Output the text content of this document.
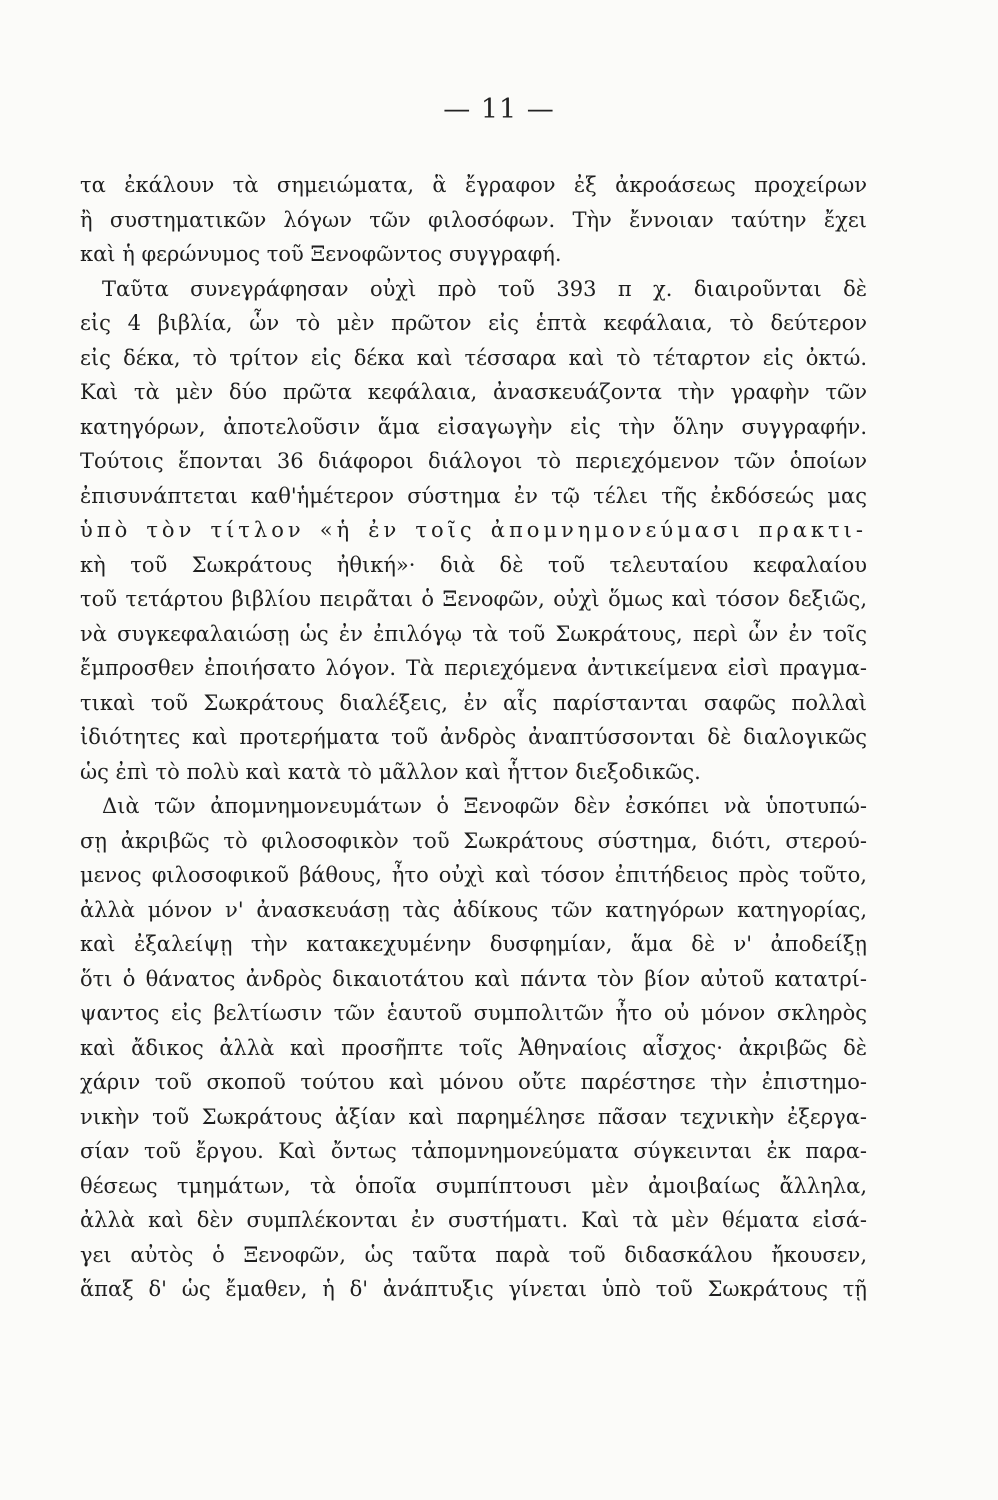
— 11 —
τα ἐκάλουν τὰ σημειώματα, ἃ ἔγραφον ἐξ ἀκροάσεως προχείρων
ἢ συστηματικῶν λόγων τῶν φιλοσόφων. Τὴν ἔννοιαν ταύτην ἔχει
καὶ ἡ φερώνυμος τοῦ Ξενοφῶντος συγγραφή.
Ταῦτα συνεγράφησαν οὐχὶ πρὸ τοῦ 393 π χ. διαιροῦνται δὲ
εἰς 4 βιβλία, ὧν τὸ μὲν πρῶτον εἰς ἑπτὰ κεφάλαια, τὸ δεύτερον
εἰς δέκα, τὸ τρίτον εἰς δέκα καὶ τέσσαρα καὶ τὸ τέταρτον εἰς ὀκτώ.
Καὶ τὰ μὲν δύο πρῶτα κεφάλαια, ἀνασκευάζοντα τὴν γραφὴν τῶν
κατηγόρων, ἀποτελοῦσιν ἅμα εἰσαγωγὴν εἰς τὴν ὅλην συγγραφήν.
Τούτοις ἕπονται 36 διάφοροι διάλογοι τὸ περιεχόμενον τῶν ὁποίων
ἐπισυνάπτεται καθ'ἡμέτερον σύστημα ἐν τῷ τέλει τῆς ἐκδόσεώς μας
ὑπὸ τὸν τίτλον «ἡ ἐν τοῖς ἀπομνημονεύμασι πρακτι-
κὴ τοῦ Σωκράτους ἠθική»· διὰ δὲ τοῦ τελευταίου κεφαλαίου
τοῦ τετάρτου βιβλίου πειρᾶται ὁ Ξενοφῶν, οὐχὶ ὅμως καὶ τόσον δεξιῶς,
νὰ συγκεφαλαιώσῃ ὡς ἐν ἐπιλόγῳ τὰ τοῦ Σωκράτους, περὶ ὧν ἐν τοῖς
ἔμπροσθεν ἐποιήσατο λόγον. Τὰ περιεχόμενα ἀντικείμενα εἰσὶ πραγμα-
τικαὶ τοῦ Σωκράτους διαλέξεις, ἐν αἷς παρίστανται σαφῶς πολλαὶ
ἰδιότητες καὶ προτερήματα τοῦ ἀνδρὸς ἀναπτύσσονται δὲ διαλογικῶς
ὡς ἐπὶ τὸ πολὺ καὶ κατὰ τὸ μᾶλλον καὶ ἧττον διεξοδικῶς.
Διὰ τῶν ἀπομνημονευμάτων ὁ Ξενοφῶν δὲν ἐσκόπει νὰ ὑποτυπώ-
σῃ ἀκριβῶς τὸ φιλοσοφικὸν τοῦ Σωκράτους σύστημα, διότι, στερού-
μενος φιλοσοφικοῦ βάθους, ἦτο οὐχὶ καὶ τόσον ἐπιτήδειος πρὸς τοῦτο,
ἀλλὰ μόνον ν' ἀνασκευάσῃ τὰς ἀδίκους τῶν κατηγόρων κατηγορίας,
καὶ ἐξαλείψῃ τὴν κατακεχυμένην δυσφημίαν, ἅμα δὲ ν' ἀποδείξῃ
ὅτι ὁ θάνατος ἀνδρὸς δικαιοτάτου καὶ πάντα τὸν βίον αὐτοῦ κατατρί-
ψαντος εἰς βελτίωσιν τῶν ἑαυτοῦ συμπολιτῶν ἦτο οὐ μόνον σκληρὸς
καὶ ἄδικος ἀλλὰ καὶ προσῆπτε τοῖς Ἀθηναίοις αἶσχος· ἀκριβῶς δὲ
χάριν τοῦ σκοποῦ τούτου καὶ μόνου οὔτε παρέστησε τὴν ἐπιστημο-
νικὴν τοῦ Σωκράτους ἀξίαν καὶ παρημέλησε πᾶσαν τεχνικὴν ἐξεργα-
σίαν τοῦ ἔργου. Καὶ ὄντως τἀπομνημονεύματα σύγκεινται ἐκ παρα-
θέσεως τμημάτων, τὰ ὁποῖα συμπίπτουσι μὲν ἀμοιβαίως ἄλληλα,
ἀλλὰ καὶ δὲν συμπλέκονται ἐν συστήματι. Καὶ τὰ μὲν θέματα εἰσά-
γει αὐτὸς ὁ Ξενοφῶν, ὡς ταῦτα παρὰ τοῦ διδασκάλου ἤκουσεν,
ἅπαξ δ' ὡς ἔμαθεν, ἡ δ' ἀνάπτυξις γίνεται ὑπὸ τοῦ Σωκράτους τῇ
